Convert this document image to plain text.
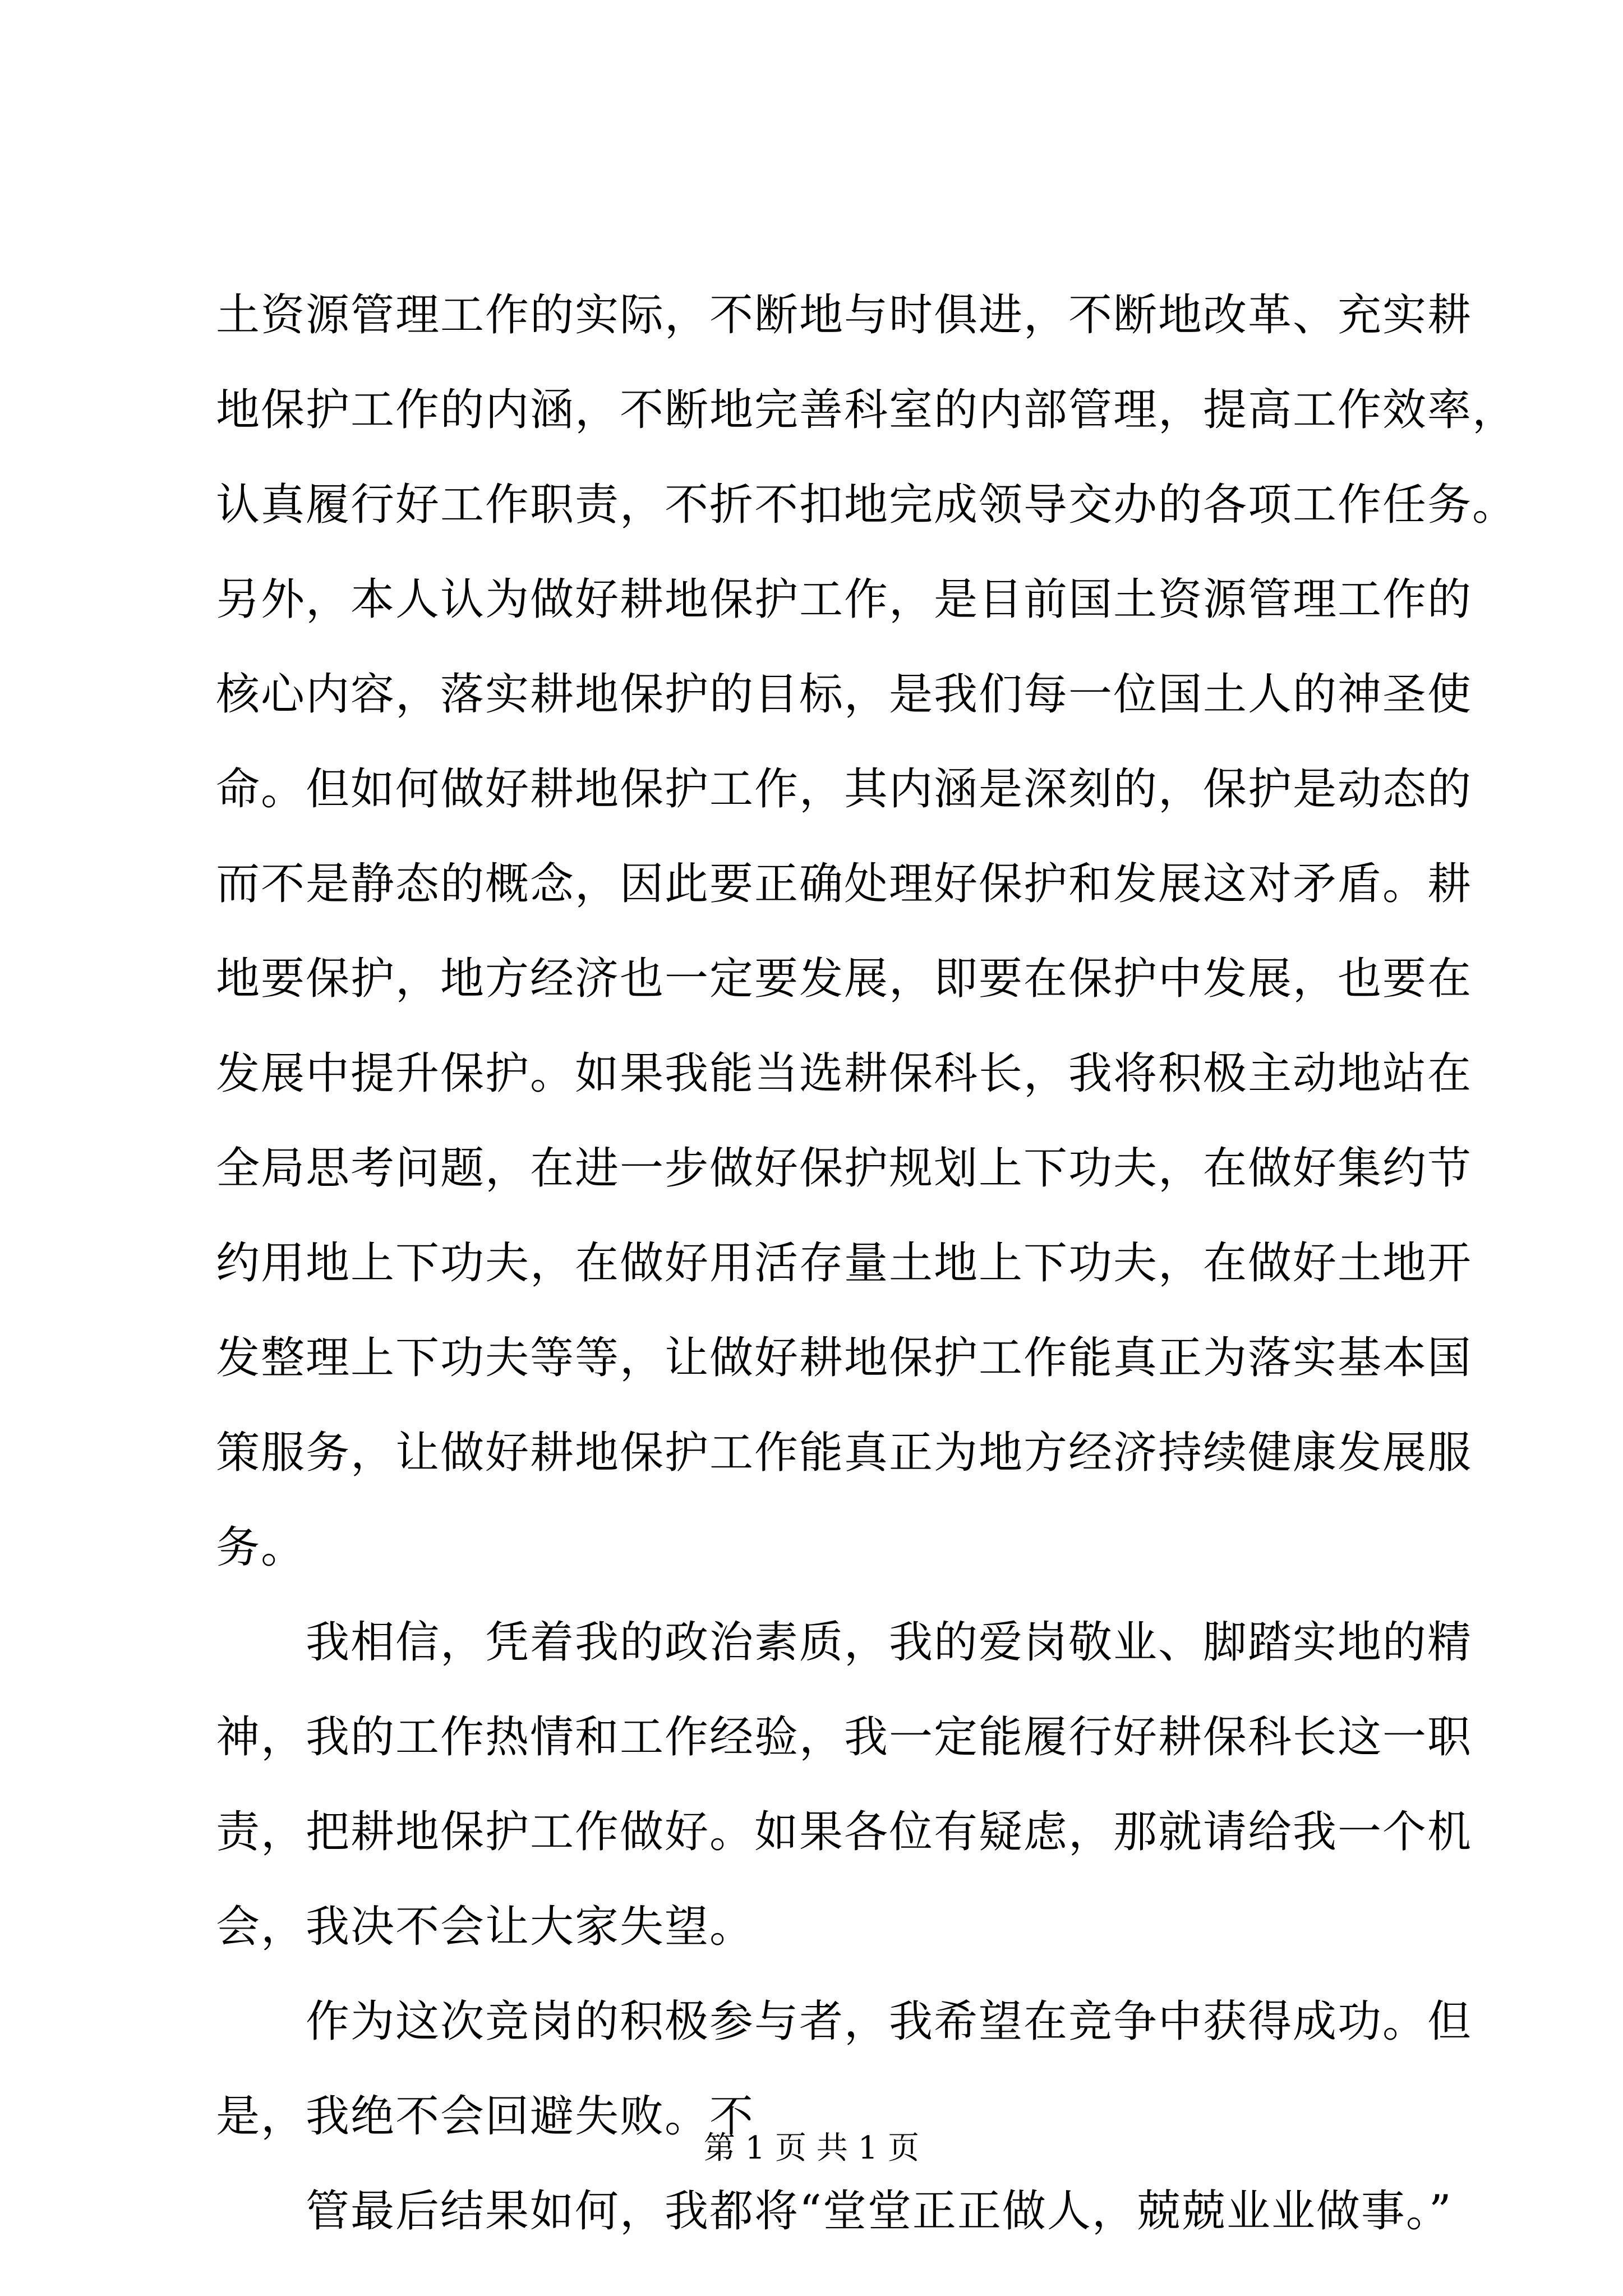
土资源管理工作的实际，不断地与时俱进，不断地改革、充实耕
地保护工作的内涵，不断地完善科室的内部管理，提高工作效率，
认真履行好工作职责，不折不扣地完成领导交办的各项工作任务。
另外，本人认为做好耕地保护工作，是目前国土资源管理工作的
核心内容，落实耕地保护的目标，是我们每一位国土人的神圣使
命。但如何做好耕地保护工作，其内涵是深刻的，保护是动态的
而不是静态的概念，因此要正确处理好保护和发展这对矛盾。耕
地要保护，地方经济也一定要发展，即要在保护中发展，也要在
发展中提升保护。如果我能当选耕保科长，我将积极主动地站在
全局思考问题，在进一步做好保护规划上下功夫，在做好集约节
约用地上下功夫，在做好用活存量土地上下功夫，在做好土地开
发整理上下功夫等等，让做好耕地保护工作能真正为落实基本国
策服务，让做好耕地保护工作能真正为地方经济持续健康发展服
务。
我相信，凭着我的政治素质，我的爱岗敬业、脚踏实地的精
神，我的工作热情和工作经验，我一定能履行好耕保科长这一职
责，把耕地保护工作做好。如果各位有疑虑，那就请给我一个机
会，我决不会让大家失望。
作为这次竞岗的积极参与者，我希望在竞争中获得成功。但
是，我绝不会回避失败。不
管最后结果如何，我都将“堂堂正正做人，兢兢业业做事。”
第 1 页 共 1 页
